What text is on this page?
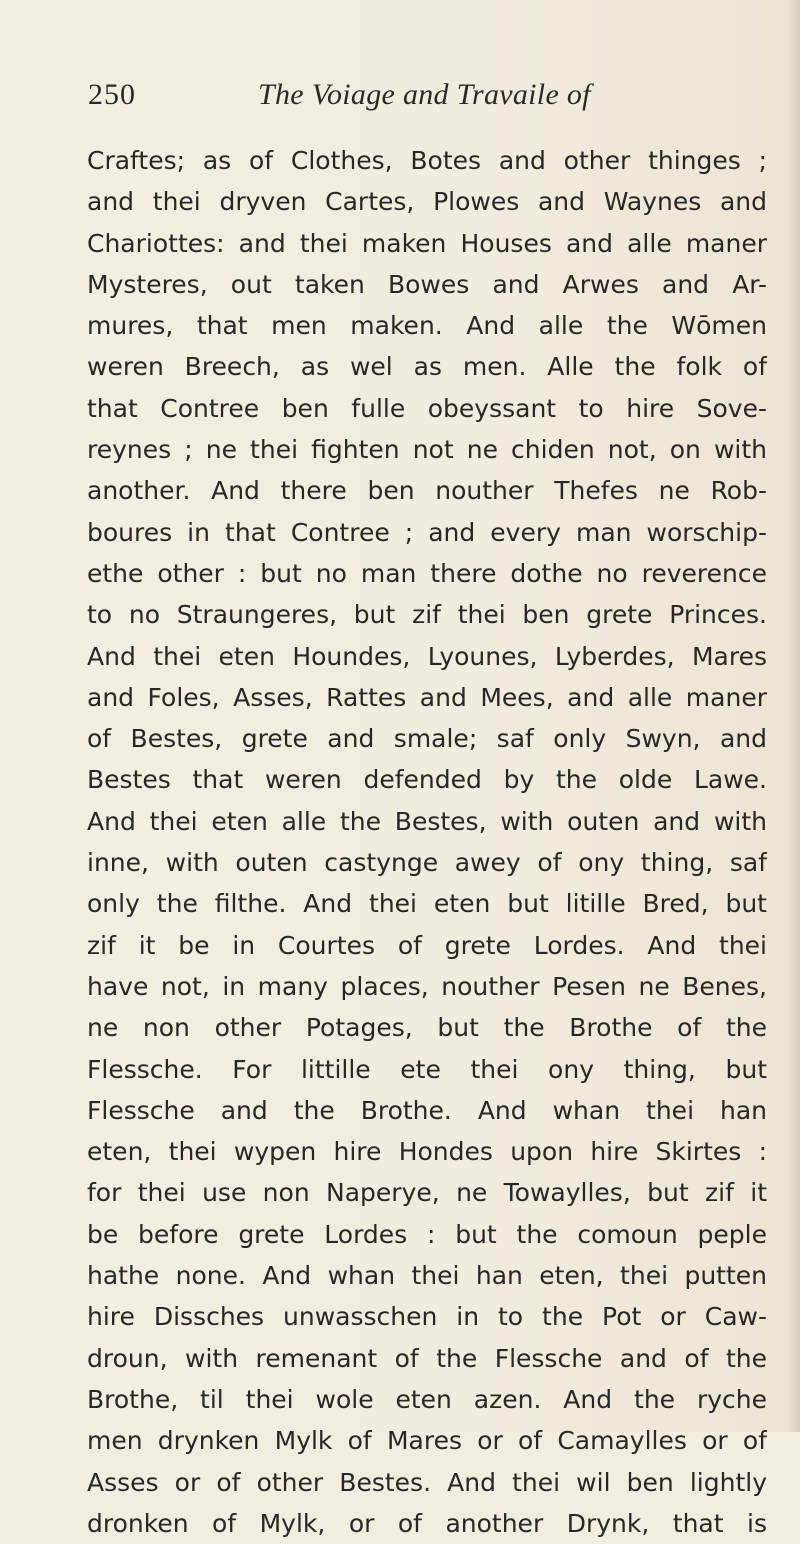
250	The Voiage and Travaile of
Craftes; as of Clothes, Botes and other thinges ;
and thei dryven Cartes, Plowes and Waynes and
Chariottes: and thei maken Houses and alle maner
Mysteres, out taken Bowes and Arwes and Ar-
mures, that men maken. And alle the Wōmen
weren Breech, as wel as men. Alle the folk of
that Contree ben fulle obeyssant to hire Sove-
reynes ; ne thei fighten not ne chiden not, on with
another. And there ben nouther Thefes ne Rob-
boures in that Contree ; and every man worschip-
ethe other : but no man there dothe no reverence
to no Straungeres, but zif thei ben grete Princes.
And thei eten Houndes, Lyounes, Lyberdes, Mares
and Foles, Asses, Rattes and Mees, and alle maner
of Bestes, grete and smale; saf only Swyn, and
Bestes that weren defended by the olde Lawe.
And thei eten alle the Bestes, with outen and with
inne, with outen castynge awey of ony thing, saf
only the filthe. And thei eten but litille Bred, but
zif it be in Courtes of grete Lordes. And thei
have not, in many places, nouther Pesen ne Benes,
ne non other Potages, but the Brothe of the
Flessche. For littille ete thei ony thing, but
Flessche and the Brothe. And whan thei han
eten, thei wypen hire Hondes upon hire Skirtes :
for thei use non Naperye, ne Towaylles, but zif it
be before grete Lordes : but the comoun peple
hathe none. And whan thei han eten, thei putten
hire Dissches unwasschen in to the Pot or Caw-
droun, with remenant of the Flessche and of the
Brothe, til thei wole eten azen. And the ryche
men drynken Mylk of Mares or of Camaylles or of
Asses or of other Bestes. And thei wil ben lightly
dronken of Mylk, or of another Drynk, that is
